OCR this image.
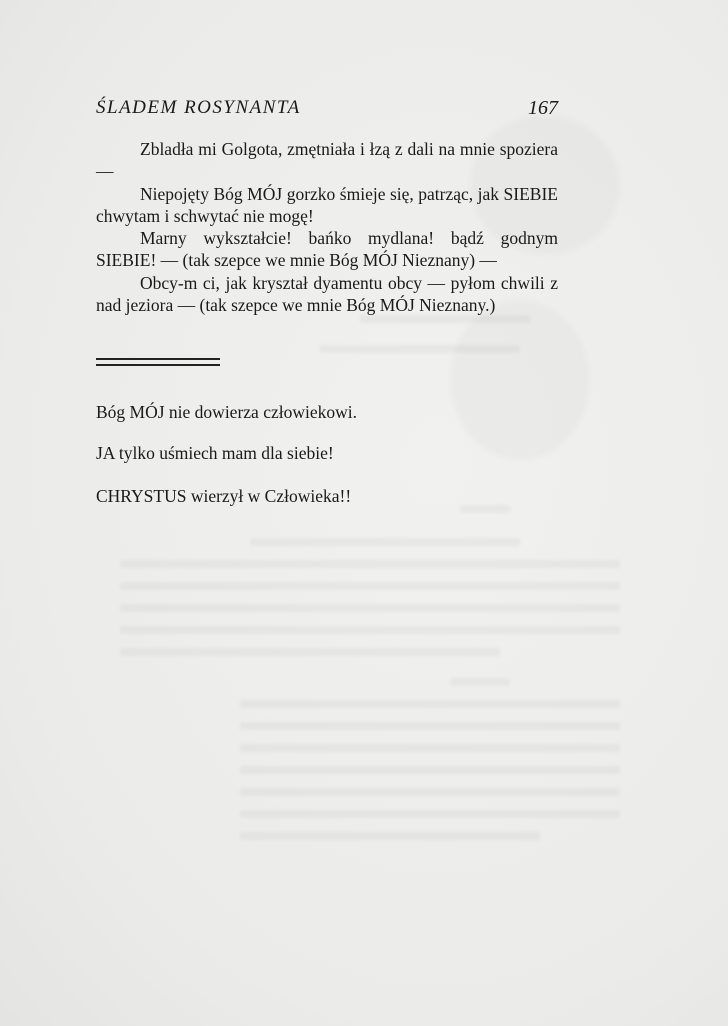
ŚLADEM ROSYNANTA	167

Zbladła mi Golgota, zmętniała i łzą z dali na mnie spoziera —

Niepojęty Bóg MÓJ gorzko śmieje się, patrząc, jak SIEBIE chwytam i schwytać nie mogę!

Marny wykształcie! bańko mydlana! bądź godnym SIEBIE! — (tak szepce we mnie Bóg MÓJ Nieznany) —

Obcy-m ci, jak kryształ dyamentu obcy — pyłom chwili z nad jeziora — (tak szepce we mnie Bóg MÓJ Nieznany.)

Bóg MÓJ nie dowierza człowiekowi.
JA tylko uśmiech mam dla siebie!
CHRYSTUS wierzył w Człowieka!!
